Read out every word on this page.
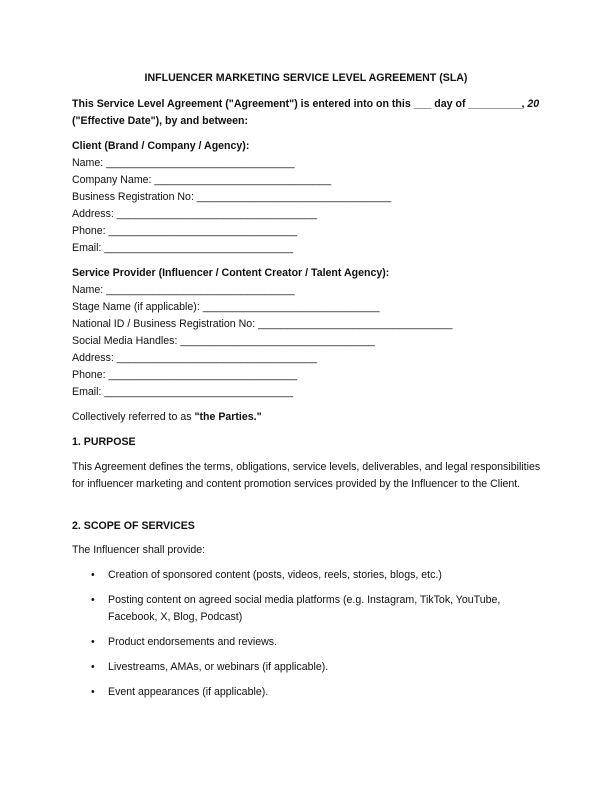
INFLUENCER MARKETING SERVICE LEVEL AGREEMENT (SLA)
This Service Level Agreement ("Agreement") is entered into on this ___ day of _________, 20
("Effective Date"), by and between:
Client (Brand / Company / Agency):
Name: ________________________________
Company Name: ______________________________
Business Registration No: _________________________________
Address: __________________________________
Phone: ________________________________
Email: ________________________________
Service Provider (Influencer / Content Creator / Talent Agency):
Name: ________________________________
Stage Name (if applicable): ______________________________
National ID / Business Registration No: _________________________________
Social Media Handles: _________________________________
Address: __________________________________
Phone: ________________________________
Email: ________________________________
Collectively referred to as "the Parties."
1. PURPOSE
This Agreement defines the terms, obligations, service levels, deliverables, and legal responsibilities for influencer marketing and content promotion services provided by the Influencer to the Client.
2. SCOPE OF SERVICES
The Influencer shall provide:
• Creation of sponsored content (posts, videos, reels, stories, blogs, etc.)
• Posting content on agreed social media platforms (e.g. Instagram, TikTok, YouTube, Facebook, X, Blog, Podcast)
• Product endorsements and reviews.
• Livestreams, AMAs, or webinars (if applicable).
• Event appearances (if applicable).
